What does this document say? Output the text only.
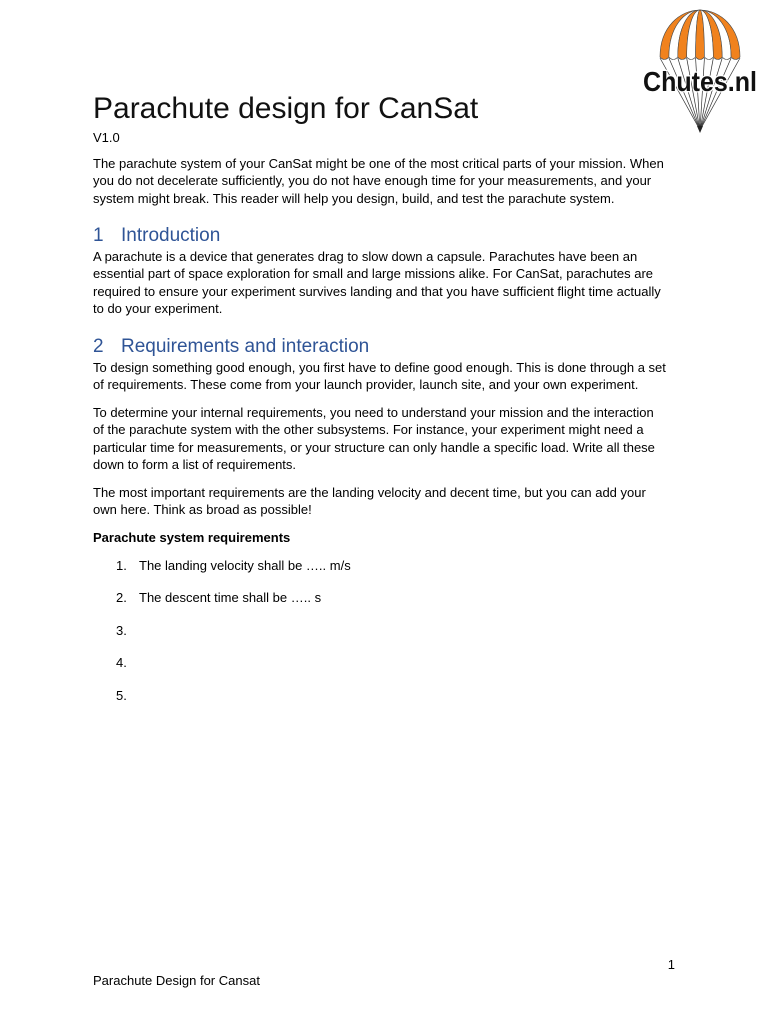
Chutes.nl
Parachute design for CanSat
V1.0
The parachute system of your CanSat might be one of the most critical parts of your mission. When
you do not decelerate sufficiently, you do not have enough time for your measurements, and your
system might break. This reader will help you design, build, and test the parachute system.
1 Introduction
A parachute is a device that generates drag to slow down a capsule. Parachutes have been an
essential part of space exploration for small and large missions alike. For CanSat, parachutes are
required to ensure your experiment survives landing and that you have sufficient flight time actually
to do your experiment.
2 Requirements and interaction
To design something good enough, you first have to define good enough. This is done through a set
of requirements. These come from your launch provider, launch site, and your own experiment.
To determine your internal requirements, you need to understand your mission and the interaction
of the parachute system with the other subsystems. For instance, your experiment might need a
particular time for measurements, or your structure can only handle a specific load. Write all these
down to form a list of requirements.
The most important requirements are the landing velocity and decent time, but you can add your
own here. Think as broad as possible!
Parachute system requirements
1. The landing velocity shall be ….. m/s
2. The descent time shall be ….. s
3.
4.
5.
1
Parachute Design for Cansat
